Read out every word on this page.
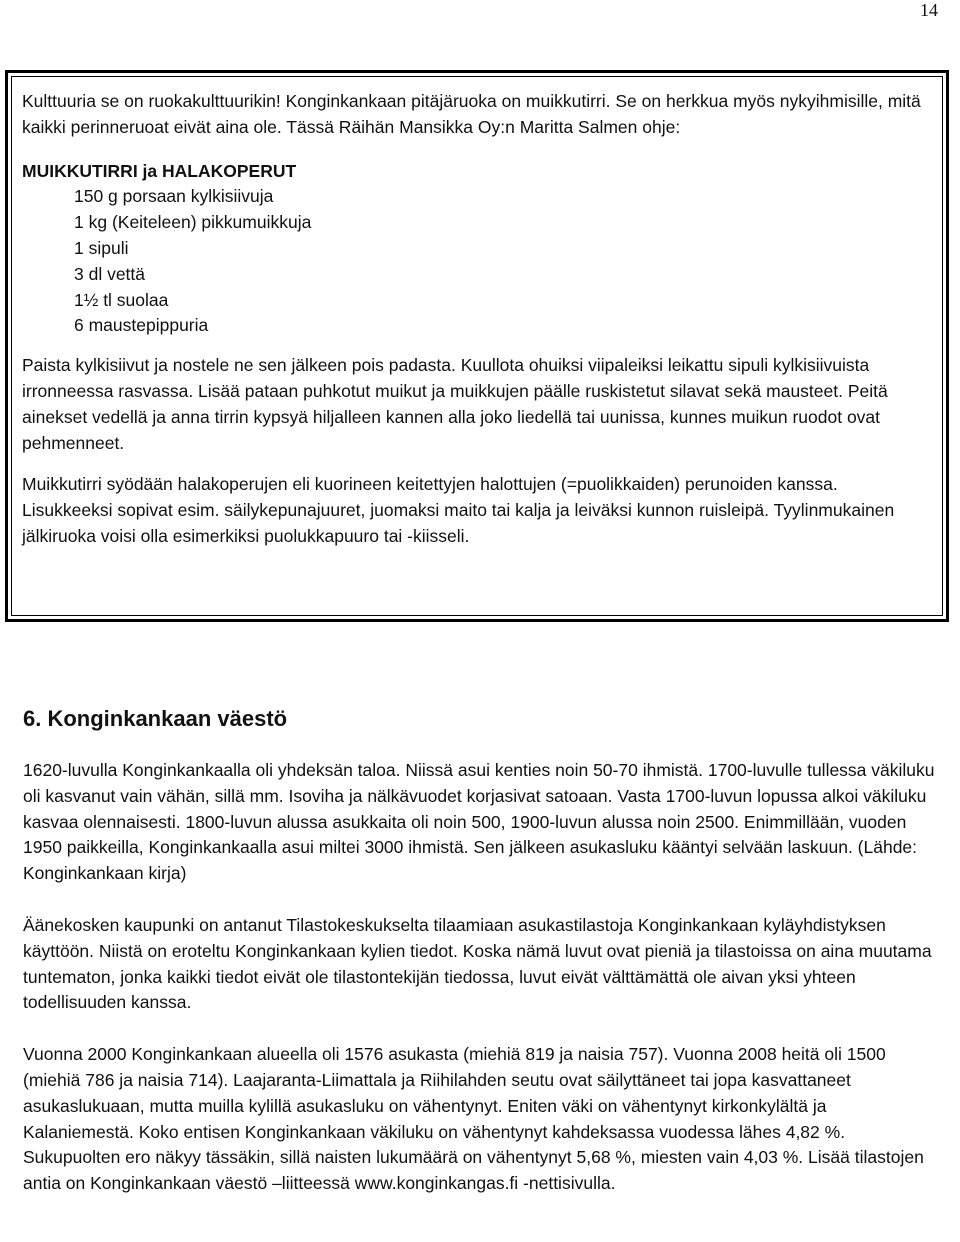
14

Kulttuuria se on ruokakulttuurikin! Konginkankaan pitäjäruoka on muikkutirri. Se on herkkua myös nykyihmisille, mitä kaikki perinneruoat eivät aina ole. Tässä Räihän Mansikka Oy:n Maritta Salmen ohje:

MUIKKUTIRRI ja HALAKOPERUT

150 g porsaan kylkisiivuja
1 kg (Keiteleen) pikkumuikkuja
1 sipuli
3 dl vettä
1½ tl suolaa
6 maustepippuria

Paista kylkisiivut ja nostele ne sen jälkeen pois padasta. Kuullota ohuiksi viipaleiksi leikattu sipuli kylkisiivuista irronneessa rasvassa. Lisää pataan puhkotut muikut ja muikkujen päälle ruskistetut silavat sekä mausteet. Peitä ainekset vedellä ja anna tirrin kypsyä hiljalleen kannen alla joko liedellä tai uunissa, kunnes muikun ruodot ovat pehmenneet.

Muikkutirri syödään halakoperujen eli kuorineen keitettyjen halottujen (=puolikkaiden) perunoiden kanssa. Lisukkeeksi sopivat esim. säilykepunajuuret, juomaksi maito tai kalja ja leiväksi kunnon ruisleipä. Tyylinmukainen jälkiruoka voisi olla esimerkiksi puolukkapuuro tai -kiisseli.

6. Konginkankaan väestö

1620-luvulla Konginkankaalla oli yhdeksän taloa. Niissä asui kenties noin 50-70 ihmistä. 1700-luvulle tullessa väkiluku oli kasvanut vain vähän, sillä mm. Isoviha ja nälkävuodet korjasivat satoaan. Vasta 1700-luvun lopussa alkoi väkiluku kasvaa olennaisesti. 1800-luvun alussa asukkaita oli noin 500, 1900-luvun alussa noin 2500. Enimmillään, vuoden 1950 paikkeilla, Konginkankaalla asui miltei 3000 ihmistä. Sen jälkeen asukasluku kääntyi selvään laskuun. (Lähde: Konginkankaan kirja)

Äänekosken kaupunki on antanut Tilastokeskukselta tilaamiaan asukastilastoja Konginkankaan kyläyhdistyksen käyttöön. Niistä on eroteltu Konginkankaan kylien tiedot. Koska nämä luvut ovat pieniä ja tilastoissa on aina muutama tuntematon, jonka kaikki tiedot eivät ole tilastontekijän tiedossa, luvut eivät välttämättä ole aivan yksi yhteen todellisuuden kanssa.

Vuonna 2000 Konginkankaan alueella oli 1576 asukasta (miehiä 819 ja naisia 757). Vuonna 2008 heitä oli 1500 (miehiä 786 ja naisia 714). Laajaranta-Liimattala ja Riihilahden seutu ovat säilyttäneet tai jopa kasvattaneet asukaslukuaan, mutta muilla kylillä asukasluku on vähentynyt. Eniten väki on vähentynyt kirkonkylältä ja Kalaniemestä. Koko entisen Konginkankaan väkiluku on vähentynyt kahdeksassa vuodessa lähes 4,82 %. Sukupuolten ero näkyy tässäkin, sillä naisten lukumäärä on vähentynyt 5,68 %, miesten vain 4,03 %. Lisää tilastojen antia on Konginkankaan väestö –liitteessä www.konginkangas.fi -nettisivulla.
